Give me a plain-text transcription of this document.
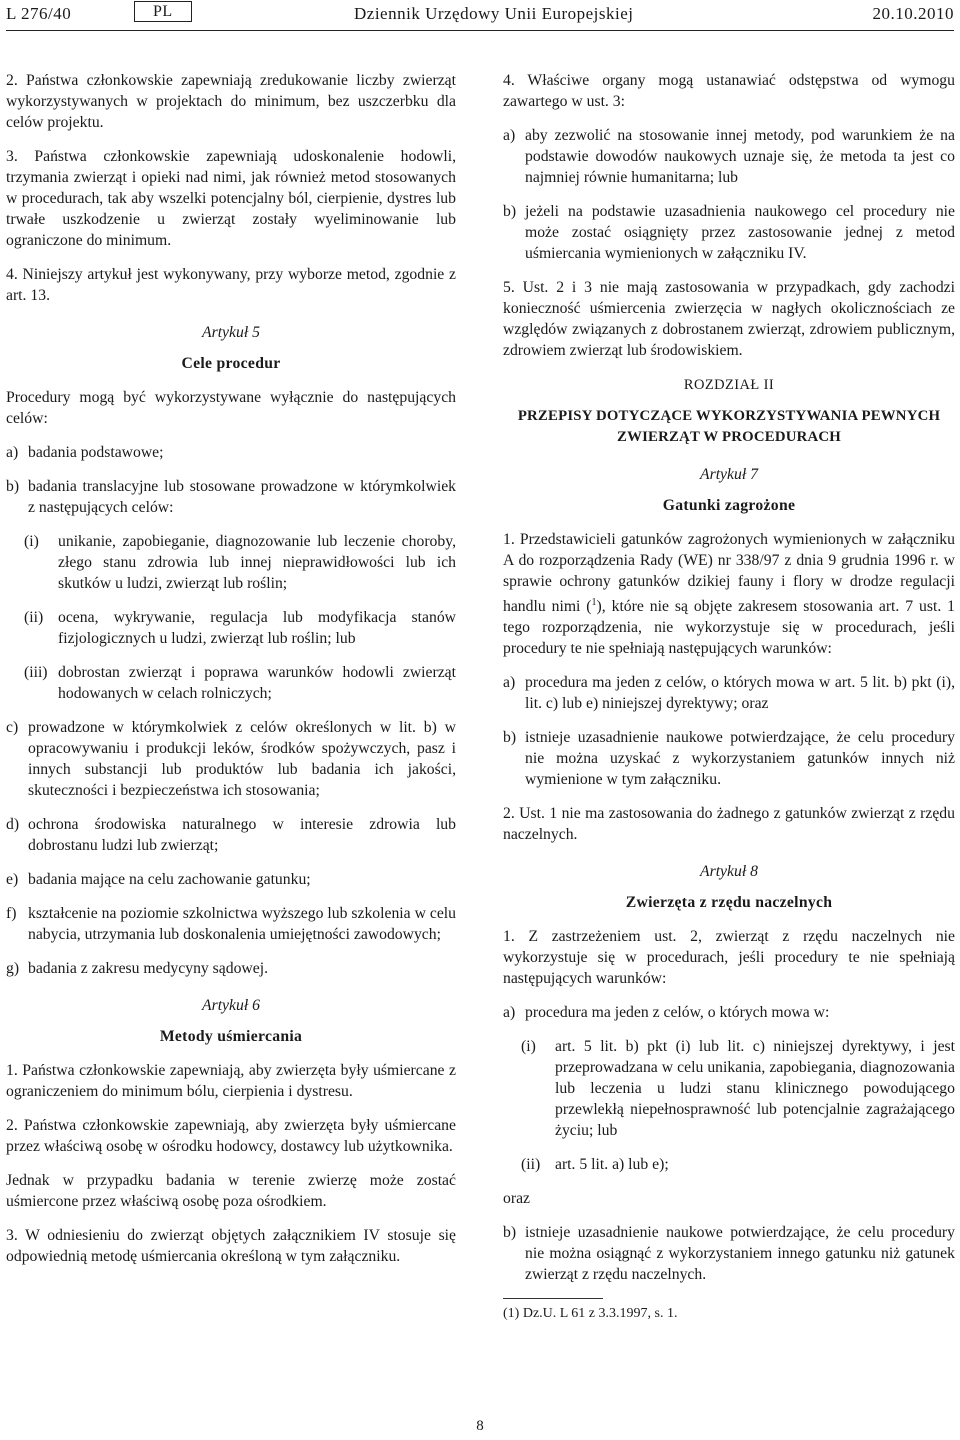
L 276/40	PL	Dziennik Urzędowy Unii Europejskiej	20.10.2010

2. Państwa członkowskie zapewniają zredukowanie liczby zwierząt wykorzystywanych w projektach do minimum, bez uszczerbku dla celów projektu.

3. Państwa członkowskie zapewniają udoskonalenie hodowli, trzymania zwierząt i opieki nad nimi, jak również metod stosowanych w procedurach, tak aby wszelki potencjalny ból, cierpienie, dystres lub trwałe uszkodzenie u zwierząt zostały wyeliminowanie lub ograniczone do minimum.

4. Niniejszy artykuł jest wykonywany, przy wyborze metod, zgodnie z art. 13.

Artykuł 5
Cele procedur

Procedury mogą być wykorzystywane wyłącznie do następujących celów:

a) badania podstawowe;
b) badania translacyjne lub stosowane prowadzone w którymkolwiek z następujących celów:
(i)	unikanie, zapobieganie, diagnozowanie lub leczenie choroby, złego stanu zdrowia lub innej nieprawidłowości lub ich skutków u ludzi, zwierząt lub roślin;
(ii) ocena, wykrywanie, regulacja lub modyfikacja stanów fizjologicznych u ludzi, zwierząt lub roślin; lub
(iii) dobrostan zwierząt i poprawa warunków hodowli zwierząt hodowanych w celach rolniczych;
c) prowadzone w którymkolwiek z celów określonych w lit. b) w opracowywaniu i produkcji leków, środków spożywczych, pasz i innych substancji lub produktów lub badania ich jakości, skuteczności i bezpieczeństwa ich stosowania;
d) ochrona środowiska naturalnego w interesie zdrowia lub dobrostanu ludzi lub zwierząt;
e) badania mające na celu zachowanie gatunku;
f) kształcenie na poziomie szkolnictwa wyższego lub szkolenia w celu nabycia, utrzymania lub doskonalenia umiejętności zawodowych;
g) badania z zakresu medycyny sądowej.
Artykuł 6
Metody uśmiercania

1. Państwa członkowskie zapewniają, aby zwierzęta były uśmiercane z ograniczeniem do minimum bólu, cierpienia i dystresu.

2. Państwa członkowskie zapewniają, aby zwierzęta były uśmiercane przez właściwą osobę w ośrodku hodowcy, dostawcy lub użytkownika.

Jednak w przypadku badania w terenie zwierzę może zostać uśmiercone przez właściwą osobę poza ośrodkiem.

3. W odniesieniu do zwierząt objętych załącznikiem IV stosuje się odpowiednią metodę uśmiercania określoną w tym załączniku.

4. Właściwe organy mogą ustanawiać odstępstwa od wymogu zawartego w ust. 3:

a) aby zezwolić na stosowanie innej metody, pod warunkiem że na podstawie dowodów naukowych uznaje się, że metoda ta jest co najmniej równie humanitarna; lub
b) jeżeli na podstawie uzasadnienia naukowego cel procedury nie może zostać osiągnięty przez zastosowanie jednej z metod uśmiercania wymienionych w załączniku IV.

5. Ust. 2 i 3 nie mają zastosowania w przypadkach, gdy zachodzi konieczność uśmiercenia zwierzęcia w nagłych okolicznościach ze względów związanych z dobrostanem zwierząt, zdrowiem publicznym, zdrowiem zwierząt lub środowiskiem.

ROZDZIAŁ II
PRZEPISY DOTYCZĄCE WYKORZYSTYWANIA PEWNYCH ZWIERZĄT W PROCEDURACH
Artykuł 7
Gatunki zagrożone

1. Przedstawicieli gatunków zagrożonych wymienionych w załączniku A do rozporządzenia Rady (WE) nr 338/97 z dnia 9 grudnia 1996 r. w sprawie ochrony gatunków dzikiej fauny i flory w drodze regulacji handlu nimi ($^1$), które nie są objęte zakresem stosowania art. 7 ust. 1 tego rozporządzenia, nie wykorzystuje się w procedurach, jeśli procedury te nie spełniają następujących warunków:

a) procedura ma jeden z celów, o których mowa w art. 5 lit. b) pkt (i), lit. c) lub e) niniejszej dyrektywy; oraz
b) istnieje uzasadnienie naukowe potwierdzające, że celu procedury nie można uzyskać z wykorzystaniem gatunków innych niż wymienione w tym załączniku.

2. Ust. 1 nie ma zastosowania do żadnego z gatunków zwierząt z rzędu naczelnych.

Artykuł 8
Zwierzęta z rzędu naczelnych

1. Z zastrzeżeniem ust. 2, zwierząt z rzędu naczelnych nie wykorzystuje się w procedurach, jeśli procedury te nie spełniają następujących warunków:

a) procedura ma jeden z celów, o których mowa w:
(i)	art. 5 lit. b) pkt (i) lub lit. c) niniejszej dyrektywy, i jest przeprowadzana w celu unikania, zapobiegania, diagnozowania lub leczenia u ludzi stanu klinicznego powodującego przewlekłą niepełnosprawność lub potencjalnie zagrażającego życiu; lub
(ii) art. 5 lit. a) lub e);

oraz

b) istnieje uzasadnienie naukowe potwierdzające, że celu procedury nie można osiągnąć z wykorzystaniem innego gatunku niż gatunek zwierząt z rzędu naczelnych.
(1) Dz.U. L 61 z 3.3.1997, s. 1.
8
